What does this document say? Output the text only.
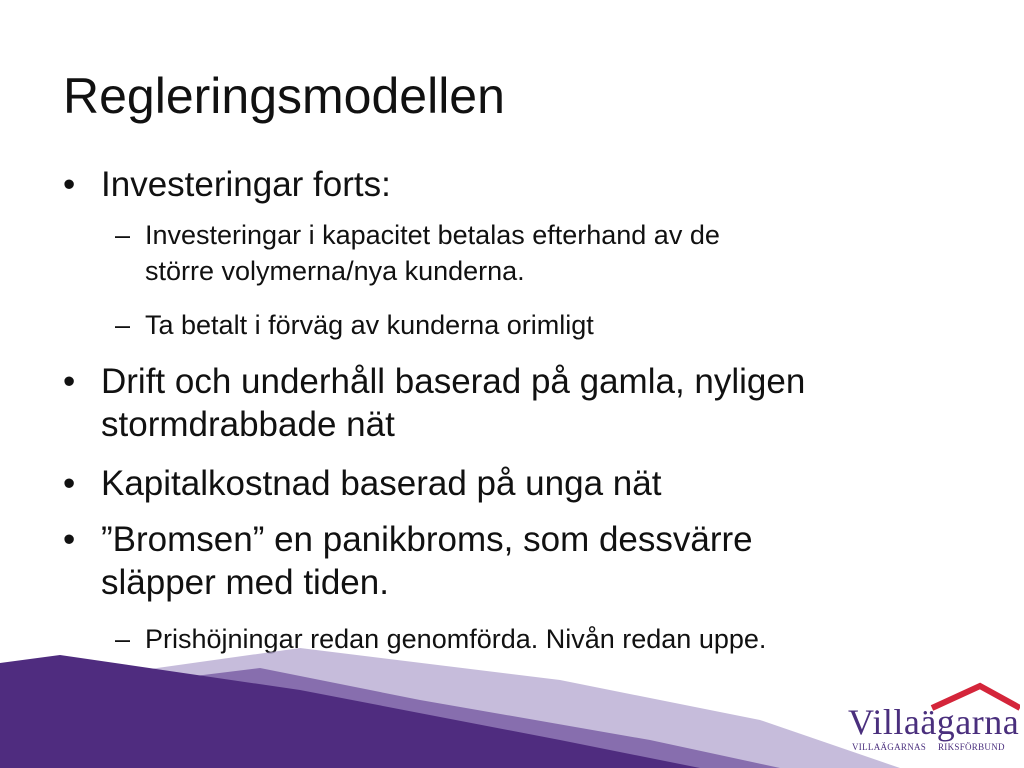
Regleringsmodellen
• Investeringar forts:
– Investeringar i kapacitet betalas efterhand av de
större volymerna/nya kunderna.
– Ta betalt i förväg av kunderna orimligt
• Drift och underhåll baserad på gamla, nyligen
stormdrabbade nät
• Kapitalkostnad baserad på unga nät
• ”Bromsen” en panikbroms, som dessvärre
släpper med tiden.
– Prishöjningar redan genomförda. Nivån redan uppe.
Villaägarna
VILLAÄGARNAS RIKSFÖRBUND
